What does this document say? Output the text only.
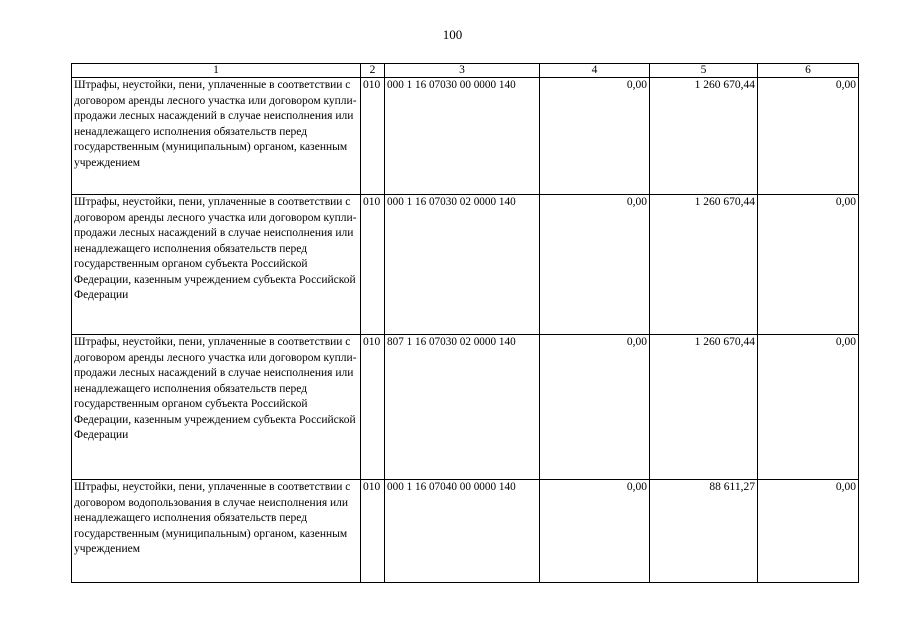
100
1	2	3	4	5	6
Штрафы, неустойки, пени, уплаченные в соответствии с договором аренды лесного участка или договором купли-продажи лесных насаждений в случае неисполнения или ненадлежащего исполнения обязательств перед государственным (муниципальным) органом, казенным учреждением	010	000 1 16 07030 00 0000 140	0,00	1 260 670,44	0,00
Штрафы, неустойки, пени, уплаченные в соответствии с договором аренды лесного участка или договором купли-продажи лесных насаждений в случае неисполнения или ненадлежащего исполнения обязательств перед государственным органом субъекта Российской Федерации, казенным учреждением субъекта Российской Федерации	010	000 1 16 07030 02 0000 140	0,00	1 260 670,44	0,00
Штрафы, неустойки, пени, уплаченные в соответствии с договором аренды лесного участка или договором купли-продажи лесных насаждений в случае неисполнения или ненадлежащего исполнения обязательств перед государственным органом субъекта Российской Федерации, казенным учреждением субъекта Российской Федерации	010	807 1 16 07030 02 0000 140	0,00	1 260 670,44	0,00
Штрафы, неустойки, пени, уплаченные в соответствии с договором водопользования в случае неисполнения или ненадлежащего исполнения обязательств перед государственным (муниципальным) органом, казенным учреждением	010	000 1 16 07040 00 0000 140	0,00	88 611,27	0,00
